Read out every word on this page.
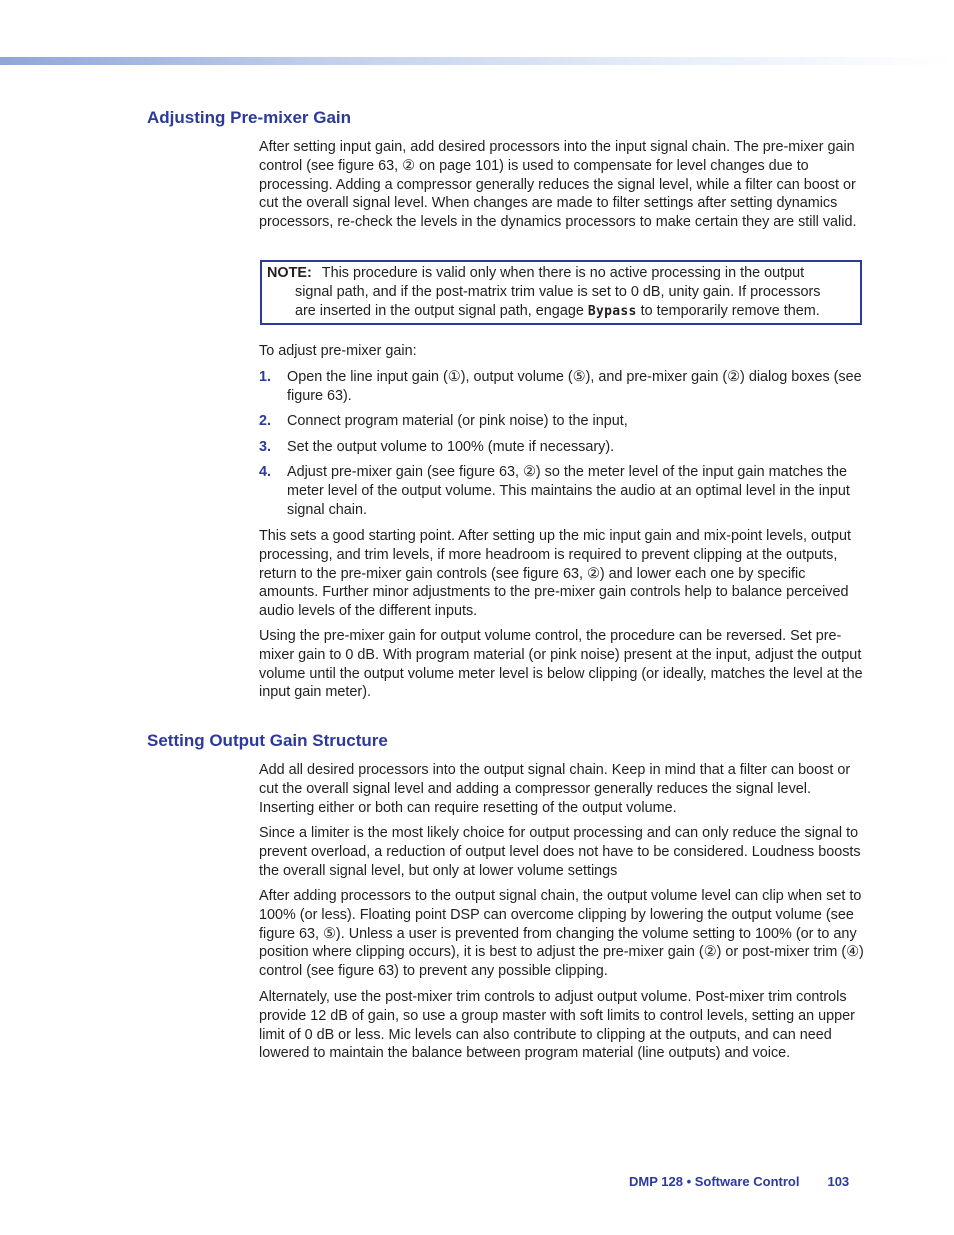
Adjusting Pre-mixer Gain

After setting input gain, add desired processors into the input signal chain. The pre-mixer gain control (see figure 63, ② on page 101) is used to compensate for level changes due to processing. Adding a compressor generally reduces the signal level, while a filter can boost or cut the overall signal level. When changes are made to filter settings after setting dynamics processors, re-check the levels in the dynamics processors to make certain they are still valid.

NOTE: This procedure is valid only when there is no active processing in the output
signal path, and if the post-matrix trim value is set to 0 dB, unity gain. If processors
are inserted in the output signal path, engage Bypass to temporarily remove them.

To adjust pre-mixer gain:

1. Open the line input gain (①), output volume (⑤), and pre-mixer gain (②) dialog boxes (see figure 63).
2. Connect program material (or pink noise) to the input,
3. Set the output volume to 100% (mute if necessary).
4. Adjust pre-mixer gain (see figure 63, ②) so the meter level of the input gain matches the meter level of the output volume. This maintains the audio at an optimal level in the input signal chain.

This sets a good starting point. After setting up the mic input gain and mix-point levels, output processing, and trim levels, if more headroom is required to prevent clipping at the outputs, return to the pre-mixer gain controls (see figure 63, ②) and lower each one by specific amounts. Further minor adjustments to the pre-mixer gain controls help to balance perceived audio levels of the different inputs.

Using the pre-mixer gain for output volume control, the procedure can be reversed. Set pre-mixer gain to 0 dB. With program material (or pink noise) present at the input, adjust the output volume until the output volume meter level is below clipping (or ideally, matches the level at the input gain meter).

Setting Output Gain Structure

Add all desired processors into the output signal chain. Keep in mind that a filter can boost or cut the overall signal level and adding a compressor generally reduces the signal level. Inserting either or both can require resetting of the output volume.

Since a limiter is the most likely choice for output processing and can only reduce the signal to prevent overload, a reduction of output level does not have to be considered. Loudness boosts the overall signal level, but only at lower volume settings

After adding processors to the output signal chain, the output volume level can clip when set to 100% (or less). Floating point DSP can overcome clipping by lowering the output volume (see figure 63, ⑤). Unless a user is prevented from changing the volume setting to 100% (or to any position where clipping occurs), it is best to adjust the pre-mixer gain (②) or post-mixer trim (④) control (see figure 63) to prevent any possible clipping.

Alternately, use the post-mixer trim controls to adjust output volume. Post-mixer trim controls provide 12 dB of gain, so use a group master with soft limits to control levels, setting an upper limit of 0 dB or less. Mic levels can also contribute to clipping at the outputs, and can need lowered to maintain the balance between program material (line outputs) and voice.

DMP 128 • Software Control 103
